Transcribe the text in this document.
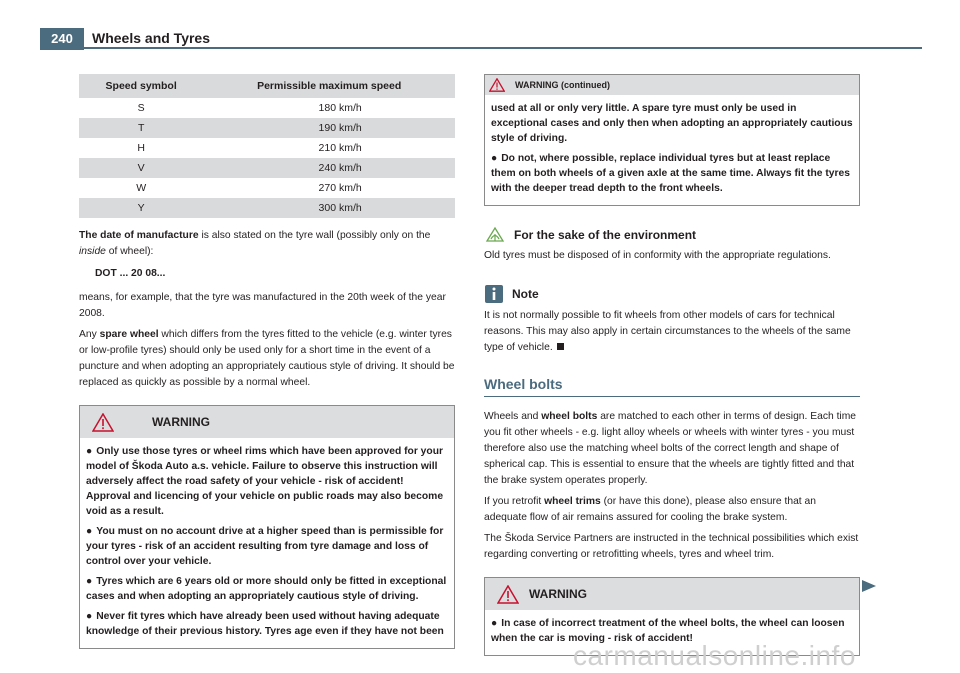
240	Wheels and Tyres
Speed symbol	Permissible maximum speed
S	180 km/h
T	190 km/h
H	210 km/h
V	240 km/h
W	270 km/h
Y	300 km/h

The date of manufacture is also stated on the tyre wall (possibly only on the inside of wheel):

DOT ... 20 08...

means, for example, that the tyre was manufactured in the 20th week of the year 2008.

Any spare wheel which differs from the tyres fitted to the vehicle (e.g. winter tyres or low-profile tyres) should only be used only for a short time in the event of a puncture and when adopting an appropriately cautious style of driving. It should be replaced as quickly as possible by a normal wheel.

WARNING

● Only use those tyres or wheel rims which have been approved for your model of Škoda Auto a.s. vehicle. Failure to observe this instruction will adversely affect the road safety of your vehicle - risk of accident! Approval and licencing of your vehicle on public roads may also become void as a result.

● You must on no account drive at a higher speed than is permissible for your tyres - risk of an accident resulting from tyre damage and loss of control over your vehicle.

● Tyres which are 6 years old or more should only be fitted in exceptional cases and when adopting an appropriately cautious style of driving.

● Never fit tyres which have already been used without having adequate knowledge of their previous history. Tyres age even if they have not been

WARNING (continued)

used at all or only very little. A spare tyre must only be used in exceptional cases and only then when adopting an appropriately cautious style of driving.

● Do not, where possible, replace individual tyres but at least replace them on both wheels of a given axle at the same time. Always fit the tyres with the deeper tread depth to the front wheels.

For the sake of the environment

Old tyres must be disposed of in conformity with the appropriate regulations.

Note

It is not normally possible to fit wheels from other models of cars for technical reasons. This may also apply in certain circumstances to the wheels of the same type of vehicle.

Wheel bolts

Wheels and wheel bolts are matched to each other in terms of design. Each time you fit other wheels - e.g. light alloy wheels or wheels with winter tyres - you must therefore also use the matching wheel bolts of the correct length and shape of spherical cap. This is essential to ensure that the wheels are tightly fitted and that the brake system operates properly.

If you retrofit wheel trims (or have this done), please also ensure that an adequate flow of air remains assured for cooling the brake system.

The Škoda Service Partners are instructed in the technical possibilities which exist regarding converting or retrofitting wheels, tyres and wheel trim.

WARNING

● In case of incorrect treatment of the wheel bolts, the wheel can loosen when the car is moving - risk of accident!

carmanualsonline.info
